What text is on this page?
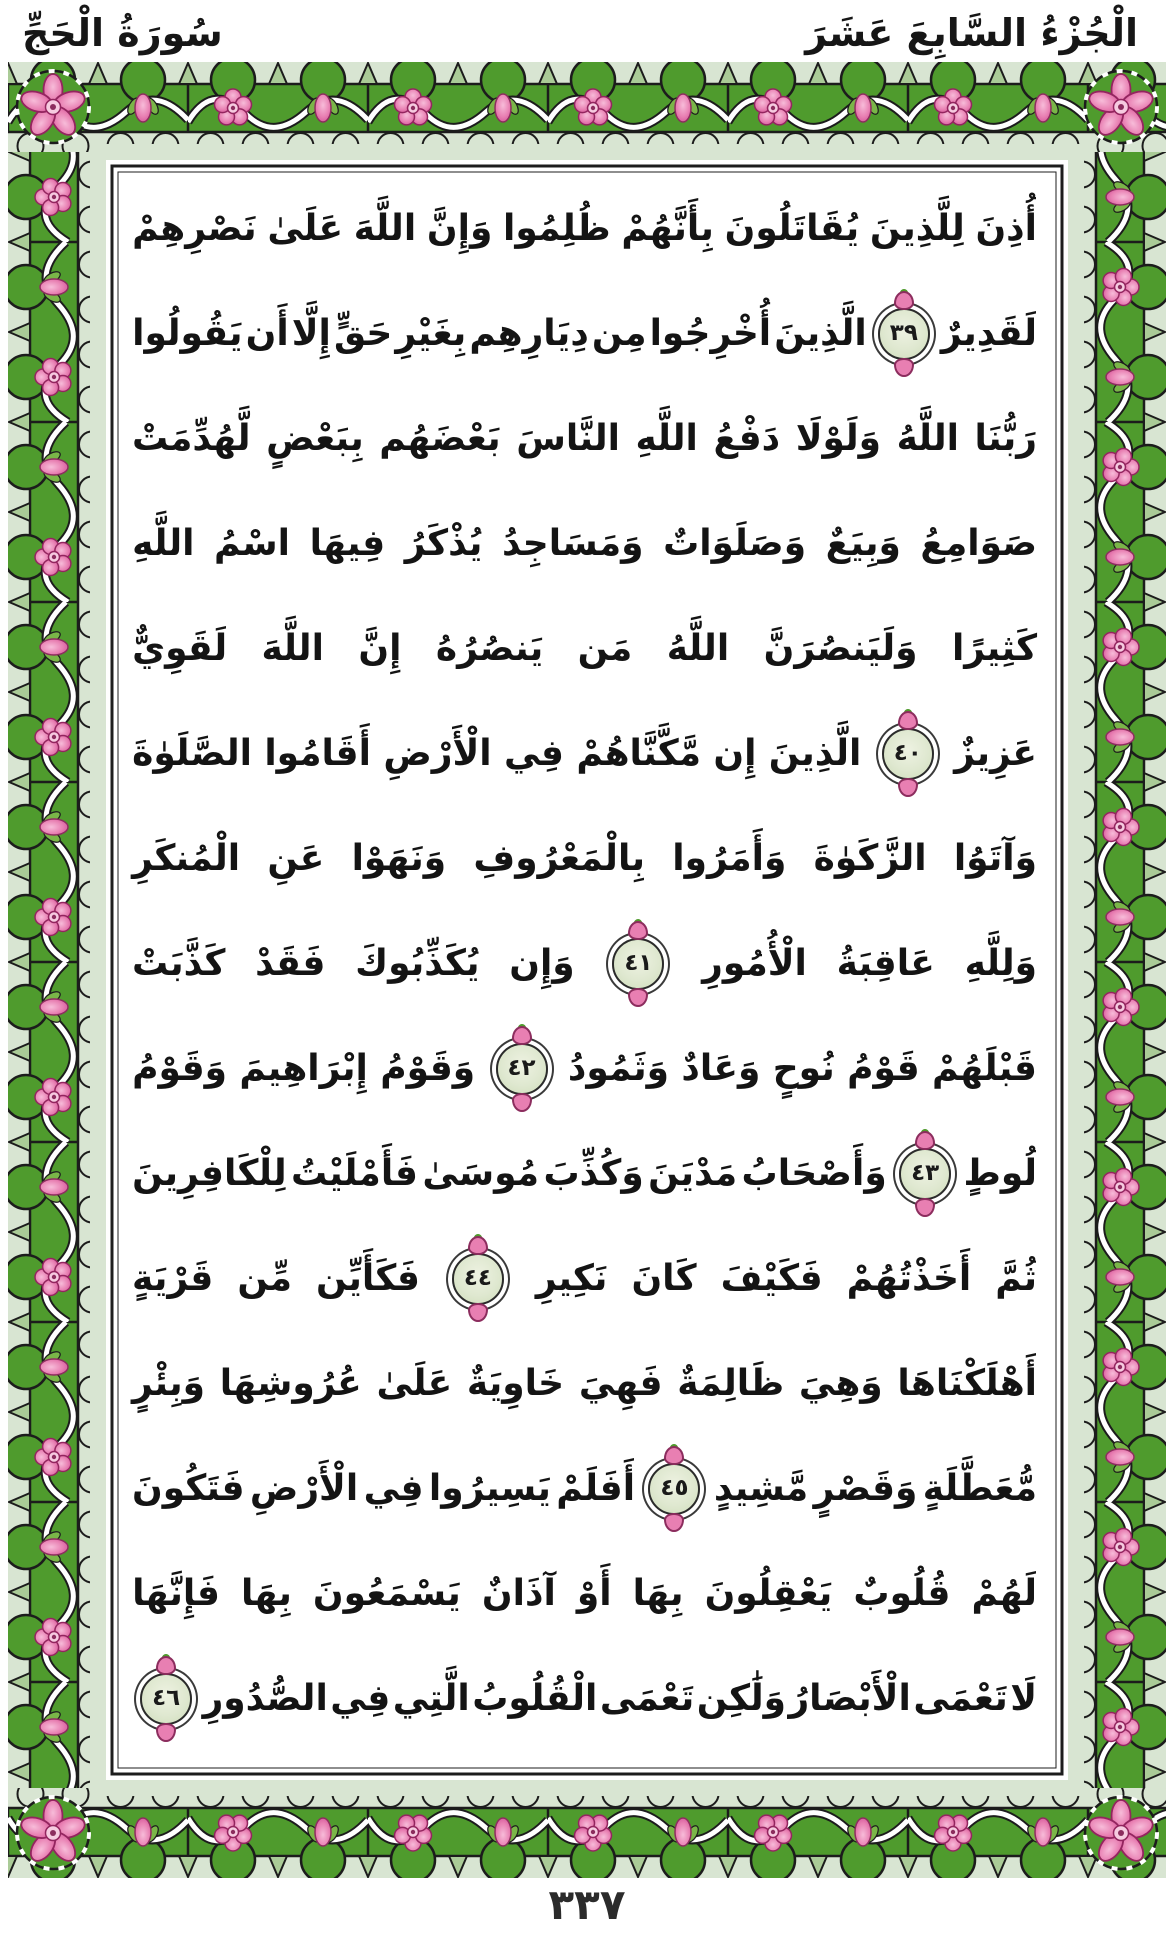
الْجُزْءُ السَّابِعَ عَشَرَ
سُورَةُ الْحَجِّ
أُذِنَ
لِلَّذِينَ
يُقَاتَلُونَ
بِأَنَّهُمْ
ظُلِمُوا
وَإِنَّ
اللَّهَ
عَلَىٰ
نَصْرِهِمْ
لَقَدِيرٌ
٣٩
الَّذِينَ
أُخْرِجُوا
مِن
دِيَارِهِم
بِغَيْرِ
حَقٍّ
إِلَّا
أَن
يَقُولُوا
رَبُّنَا
اللَّهُ
وَلَوْلَا
دَفْعُ
اللَّهِ
النَّاسَ
بَعْضَهُم
بِبَعْضٍ
لَّهُدِّمَتْ
صَوَامِعُ
وَبِيَعٌ
وَصَلَوَاتٌ
وَمَسَاجِدُ
يُذْكَرُ
فِيهَا
اسْمُ
اللَّهِ
كَثِيرًا
وَلَيَنصُرَنَّ
اللَّهُ
مَن
يَنصُرُهُ
إِنَّ
اللَّهَ
لَقَوِيٌّ
عَزِيزٌ
٤٠
الَّذِينَ
إِن
مَّكَّنَّاهُمْ
فِي
الْأَرْضِ
أَقَامُوا
الصَّلَوٰةَ
وَآتَوُا
الزَّكَوٰةَ
وَأَمَرُوا
بِالْمَعْرُوفِ
وَنَهَوْا
عَنِ
الْمُنكَرِ
وَلِلَّهِ
عَاقِبَةُ
الْأُمُورِ
٤١
وَإِن
يُكَذِّبُوكَ
فَقَدْ
كَذَّبَتْ
قَبْلَهُمْ
قَوْمُ
نُوحٍ
وَعَادٌ
وَثَمُودُ
٤٢
وَقَوْمُ
إِبْرَاهِيمَ
وَقَوْمُ
لُوطٍ
٤٣
وَأَصْحَابُ
مَدْيَنَ
وَكُذِّبَ
مُوسَىٰ
فَأَمْلَيْتُ
لِلْكَافِرِينَ
ثُمَّ
أَخَذْتُهُمْ
فَكَيْفَ
كَانَ
نَكِيرِ
٤٤
فَكَأَيِّن
مِّن
قَرْيَةٍ
أَهْلَكْنَاهَا
وَهِيَ
ظَالِمَةٌ
فَهِيَ
خَاوِيَةٌ
عَلَىٰ
عُرُوشِهَا
وَبِئْرٍ
مُّعَطَّلَةٍ
وَقَصْرٍ
مَّشِيدٍ
٤٥
أَفَلَمْ
يَسِيرُوا
فِي
الْأَرْضِ
فَتَكُونَ
لَهُمْ
قُلُوبٌ
يَعْقِلُونَ
بِهَا
أَوْ
آذَانٌ
يَسْمَعُونَ
بِهَا
فَإِنَّهَا
لَا
تَعْمَى
الْأَبْصَارُ
وَلَٰكِن
تَعْمَى
الْقُلُوبُ
الَّتِي
فِي
الصُّدُورِ
٤٦
٣٣٧
